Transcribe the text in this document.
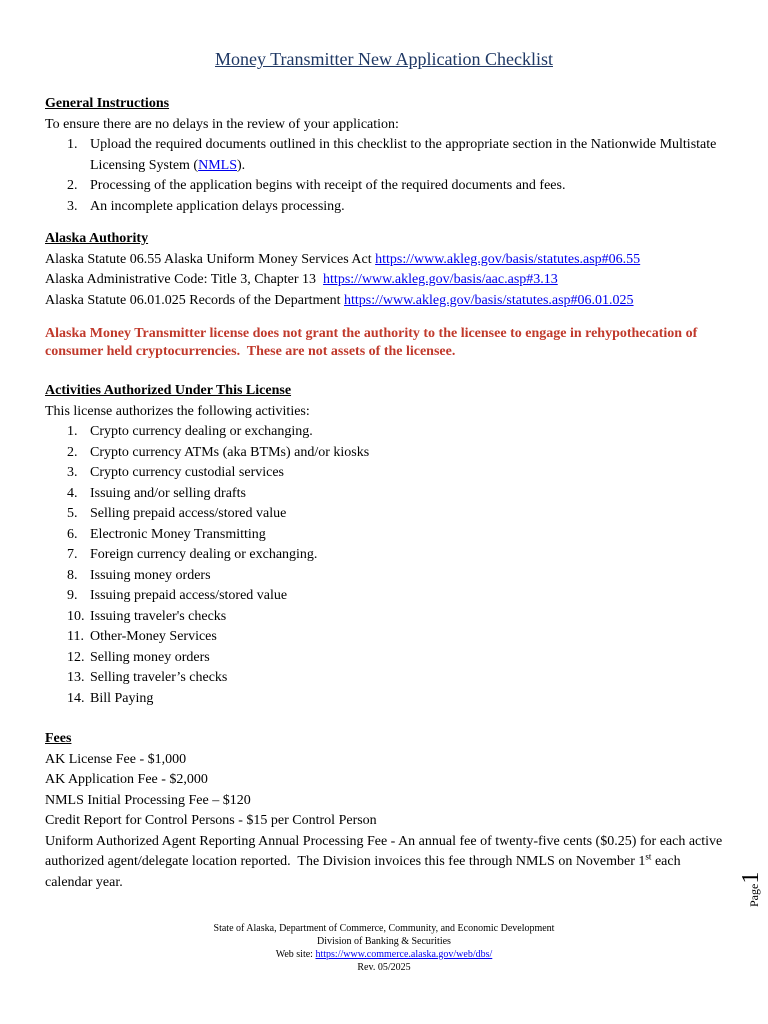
Money Transmitter New Application Checklist
General Instructions
To ensure there are no delays in the review of your application:
1. Upload the required documents outlined in this checklist to the appropriate section in the Nationwide Multistate Licensing System (NMLS).
2. Processing of the application begins with receipt of the required documents and fees.
3. An incomplete application delays processing.
Alaska Authority
Alaska Statute 06.55 Alaska Uniform Money Services Act https://www.akleg.gov/basis/statutes.asp#06.55
Alaska Administrative Code: Title 3, Chapter 13  https://www.akleg.gov/basis/aac.asp#3.13
Alaska Statute 06.01.025 Records of the Department https://www.akleg.gov/basis/statutes.asp#06.01.025
Alaska Money Transmitter license does not grant the authority to the licensee to engage in rehypothecation of consumer held cryptocurrencies.  These are not assets of the licensee.
Activities Authorized Under This License
This license authorizes the following activities:
1. Crypto currency dealing or exchanging.
2. Crypto currency ATMs (aka BTMs) and/or kiosks
3. Crypto currency custodial services
4. Issuing and/or selling drafts
5. Selling prepaid access/stored value
6. Electronic Money Transmitting
7. Foreign currency dealing or exchanging.
8. Issuing money orders
9. Issuing prepaid access/stored value
10. Issuing traveler's checks
11. Other-Money Services
12. Selling money orders
13. Selling traveler’s checks
14. Bill Paying
Fees
AK License Fee - $1,000
AK Application Fee - $2,000
NMLS Initial Processing Fee – $120
Credit Report for Control Persons - $15 per Control Person
Uniform Authorized Agent Reporting Annual Processing Fee - An annual fee of twenty-five cents ($0.25) for each active authorized agent/delegate location reported.  The Division invoices this fee through NMLS on November 1st each calendar year.
Page1
State of Alaska, Department of Commerce, Community, and Economic Development
Division of Banking & Securities
Web site: https://www.commerce.alaska.gov/web/dbs/
Rev. 05/2025
